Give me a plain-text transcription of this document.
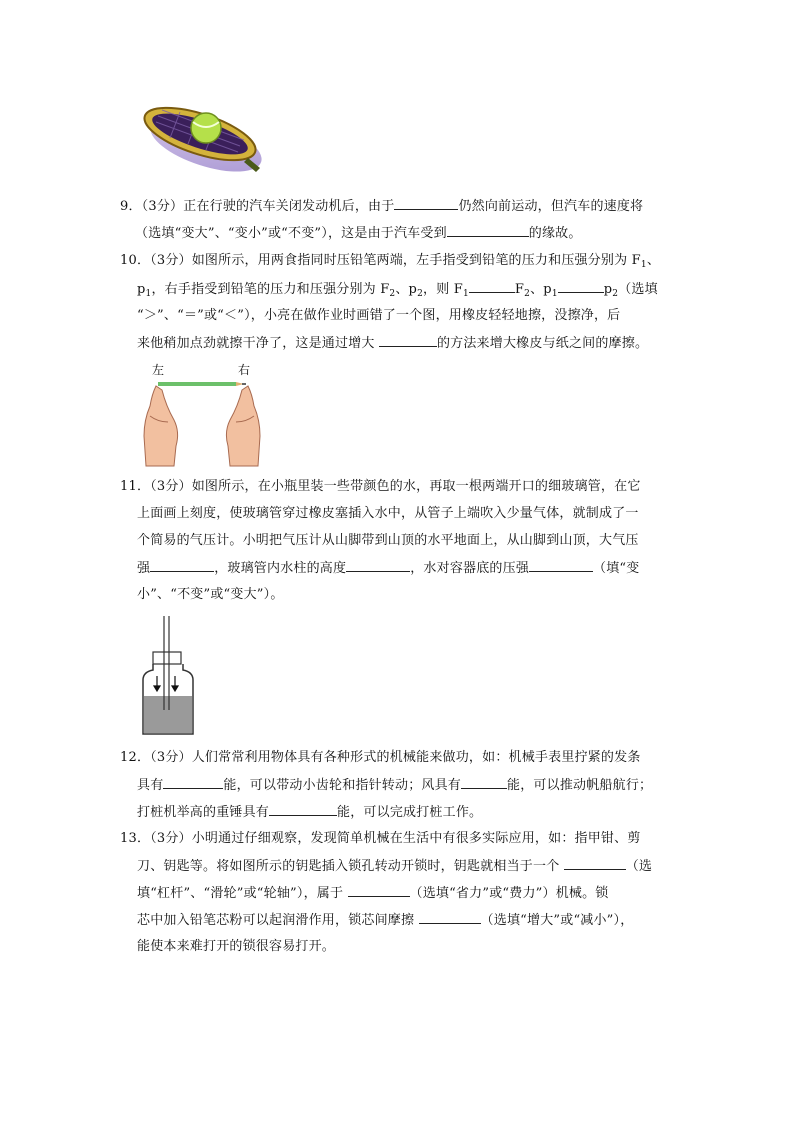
9．（3分）正在行驶的汽车关闭发动机后，由于	仍然向前运动，但汽车的速度将
（选填“变大”、“变小”或“不变”），这是由于汽车受到	的缘故。
10．（3分）如图所示，用两食指同时压铅笔两端，左手指受到铅笔的压力和压强分别为 $F_1$、
$p_1$，右手指受到铅笔的压力和压强分别为 $F_2$、$p_2$，则 $F_1$	$F_2$、$p_1$	$p_2$（选填
“＞”、“＝”或“＜”），小亮在做作业时画错了一个图，用橡皮轻轻地擦，没擦净，后
来他稍加点劲就擦干净了，这是通过增大	的方法来增大橡皮与纸之间的摩擦。
左	右
11．（3分）如图所示，在小瓶里装一些带颜色的水，再取一根两端开口的细玻璃管，在它
上面画上刻度，使玻璃管穿过橡皮塞插入水中，从管子上端吹入少量气体，就制成了一
个简易的气压计。小明把气压计从山脚带到山顶的水平地面上，从山脚到山顶，大气压
强	，玻璃管内水柱的高度	，水对容器底的压强	（填“变
小”、“不变”或“变大”）。
12．（3分）人们常常利用物体具有各种形式的机械能来做功，如：机械手表里拧紧的发条
具有	能，可以带动小齿轮和指针转动；风具有	能，可以推动帆船航行；
打桩机举高的重锤具有	能，可以完成打桩工作。
13．（3分）小明通过仔细观察，发现简单机械在生活中有很多实际应用，如：指甲钳、剪
刀、钥匙等。将如图所示的钥匙插入锁孔转动开锁时，钥匙就相当于一个	（选
填“杠杆”、“滑轮”或“轮轴”），属于	（选填“省力”或“费力”）机械。锁
芯中加入铅笔芯粉可以起润滑作用，锁芯间摩擦	（选填“增大”或“减小”），
能使本来难打开的锁很容易打开。
